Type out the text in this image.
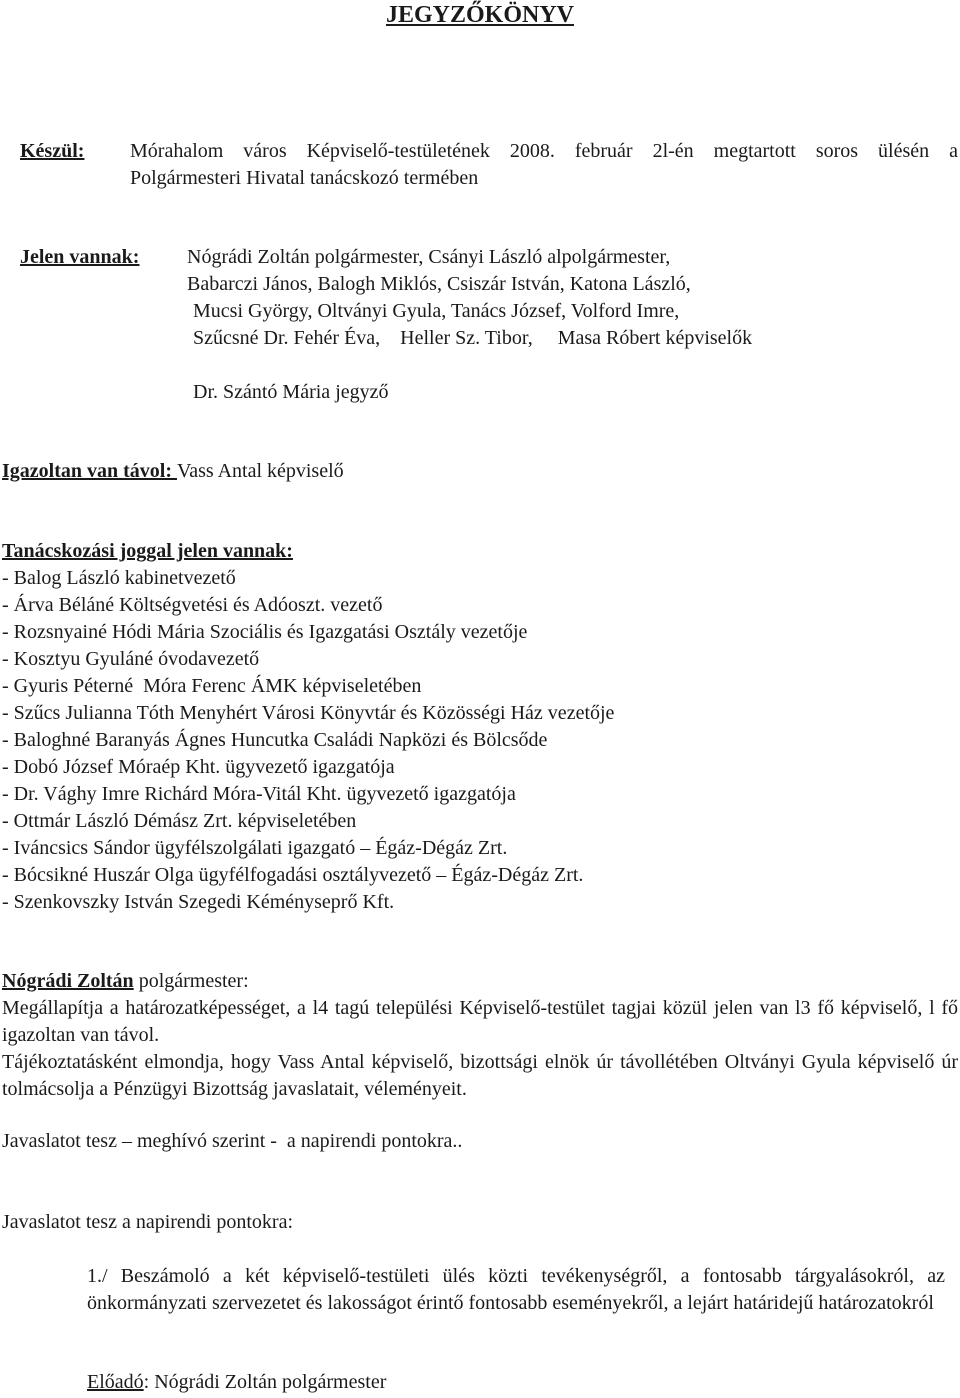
JEGYZŐKÖNYV
Készül: Mórahalom város Képviselő-testületének 2008. február 2l-én megtartott soros ülésén a
Polgármesteri Hivatal tanácskozó termében
Jelen vannak: Nógrádi Zoltán polgármester, Csányi László alpolgármester,
Babarczi János, Balogh Miklós, Csiszár István, Katona László,
Mucsi György, Oltványi Gyula, Tanács József, Volford Imre,
Szűcsné Dr. Fehér Éva,    Heller Sz. Tibor,     Masa Róbert képviselők
Dr. Szántó Mária jegyző
Igazoltan van távol: Vass Antal képviselő
Tanácskozási joggal jelen vannak:
- Balog László kabinetvezető
- Árva Béláné Költségvetési és Adóoszt. vezető
- Rozsnyainé Hódi Mária Szociális és Igazgatási Osztály vezetője
- Kosztyu Gyuláné óvodavezető
- Gyuris Péterné  Móra Ferenc ÁMK képviseletében
- Szűcs Julianna Tóth Menyhért Városi Könyvtár és Közösségi Ház vezetője
- Baloghné Baranyás Ágnes Huncutka Családi Napközi és Bölcsőde
- Dobó József Móraép Kht. ügyvezető igazgatója
- Dr. Vághy Imre Richárd Móra-Vitál Kht. ügyvezető igazgatója
- Ottmár László Démász Zrt. képviseletében
- Iváncsics Sándor ügyfélszolgálati igazgató – Égáz-Dégáz Zrt.
- Bócsikné Huszár Olga ügyfélfogadási osztályvezető – Égáz-Dégáz Zrt.
- Szenkovszky István Szegedi Kéményseprő Kft.
Nógrádi Zoltán polgármester:
Megállapítja a határozatképességet, a l4 tagú települési Képviselő-testület tagjai közül jelen van l3 fő képviselő, l fő igazoltan van távol.
Tájékoztatásként elmondja, hogy Vass Antal képviselő, bizottsági elnök úr távollétében Oltványi Gyula képviselő úr tolmácsolja a Pénzügyi Bizottság javaslatait, véleményeit.
Javaslatot tesz – meghívó szerint -  a napirendi pontokra..
Javaslatot tesz a napirendi pontokra:
1./ Beszámoló a két képviselő-testületi ülés közti tevékenységről, a fontosabb tárgyalásokról, az önkormányzati szervezetet és lakosságot érintő fontosabb eseményekről, a lejárt határidejű határozatokról
Előadó: Nógrádi Zoltán polgármester
